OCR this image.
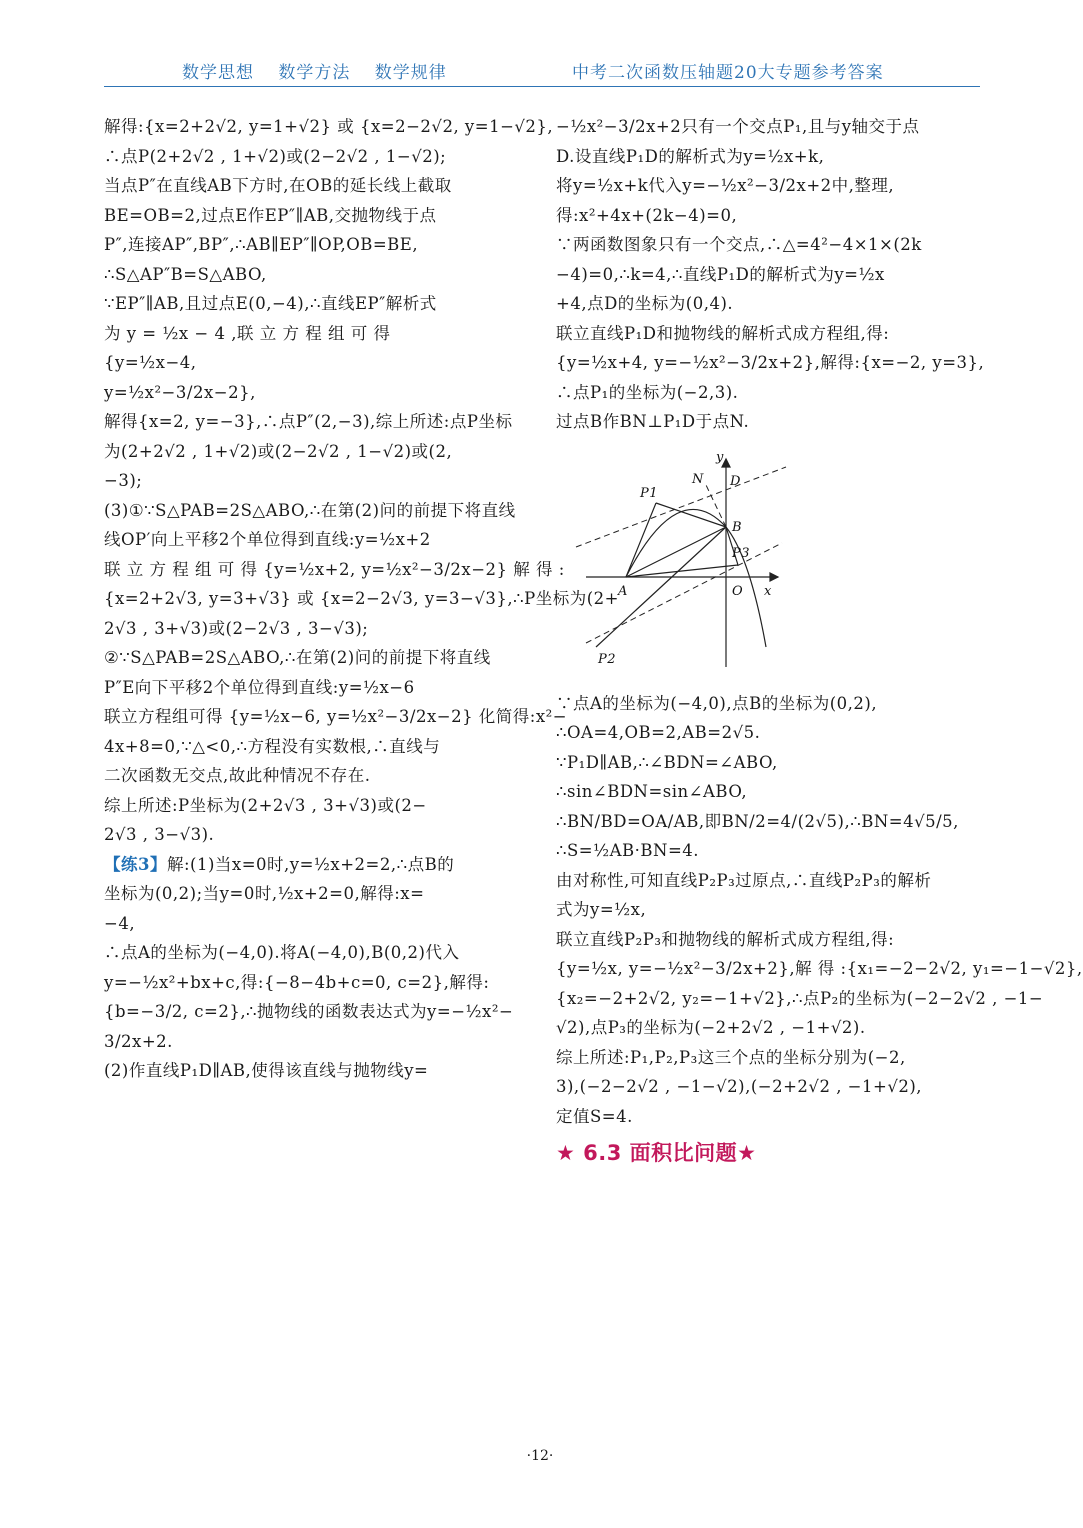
数学思想　 数学方法　 数学规律	中考二次函数压轴题20大专题参考答案
解得:{x=2+2√2, y=1+√2} 或 {x=2−2√2, y=1−√2},
∴点P(2+2√2 , 1+√2)或(2−2√2 , 1−√2);
当点P″在直线AB下方时,在OB的延长线上截取
BE=OB=2,过点E作EP″∥AB,交抛物线于点
P″,连接AP″,BP″,∴AB∥EP″∥OP,OB=BE,
∴S△AP″B=S△ABO,
∵EP″∥AB,且过点E(0,−4),∴直线EP″解析式
为 y = ½x − 4 ,联 立 方 程 组 可 得
{y=½x−4,
y=½x²−3/2x−2},
解得{x=2, y=−3},∴点P″(2,−3),综上所述:点P坐标
为(2+2√2 , 1+√2)或(2−2√2 , 1−√2)或(2,
−3);
(3)①∵S△PAB=2S△ABO,∴在第(2)问的前提下将直线
线OP′向上平移2个单位得到直线:y=½x+2
联 立 方 程 组 可 得 {y=½x+2, y=½x²−3/2x−2} 解 得 :
{x=2+2√3, y=3+√3} 或 {x=2−2√3, y=3−√3},∴P坐标为(2+
2√3 , 3+√3)或(2−2√3 , 3−√3);
②∵S△PAB=2S△ABO,∴在第(2)问的前提下将直线
P″E向下平移2个单位得到直线:y=½x−6
联立方程组可得 {y=½x−6, y=½x²−3/2x−2} 化简得:x²−
4x+8=0,∵△<0,∴方程没有实数根,∴直线与
二次函数无交点,故此种情况不存在.
综上所述:P坐标为(2+2√3 , 3+√3)或(2−
2√3 , 3−√3).
【练3】解:(1)当x=0时,y=½x+2=2,∴点B的
坐标为(0,2);当y=0时,½x+2=0,解得:x=
−4,
∴点A的坐标为(−4,0).将A(−4,0),B(0,2)代入
y=−½x²+bx+c,得:{−8−4b+c=0, c=2},解得:
{b=−3/2, c=2},∴抛物线的函数表达式为y=−½x²−
3/2x+2.
(2)作直线P₁D∥AB,使得该直线与抛物线y=
−½x²−3/2x+2只有一个交点P₁,且与y轴交于点
D.设直线P₁D的解析式为y=½x+k,
将y=½x+k代入y=−½x²−3/2x+2中,整理,
得:x²+4x+(2k−4)=0,
∵两函数图象只有一个交点,∴△=4²−4×1×(2k
−4)=0,∴k=4,∴直线P₁D的解析式为y=½x
+4,点D的坐标为(0,4).
联立直线P₁D和抛物线的解析式成方程组,得:
{y=½x+4, y=−½x²−3/2x+2},解得:{x=−2, y=3},
∴点P₁的坐标为(−2,3).
过点B作BN⊥P₁D于点N.
y
x
O
A
B
D
N
P1
P2
P3
∵点A的坐标为(−4,0),点B的坐标为(0,2),
∴OA=4,OB=2,AB=2√5.
∵P₁D∥AB,∴∠BDN=∠ABO,
∴sin∠BDN=sin∠ABO,
∴BN/BD=OA/AB,即BN/2=4/(2√5),∴BN=4√5/5,
∴S=½AB·BN=4.
由对称性,可知直线P₂P₃过原点,∴直线P₂P₃的解析
式为y=½x,
联立直线P₂P₃和抛物线的解析式成方程组,得:
{y=½x, y=−½x²−3/2x+2},解 得 :{x₁=−2−2√2, y₁=−1−√2},
{x₂=−2+2√2, y₂=−1+√2},∴点P₂的坐标为(−2−2√2 , −1−
√2),点P₃的坐标为(−2+2√2 , −1+√2).
综上所述:P₁,P₂,P₃这三个点的坐标分别为(−2,
3),(−2−2√2 , −1−√2),(−2+2√2 , −1+√2),
定值S=4.
★ 6.3 面积比问题★
·12·
